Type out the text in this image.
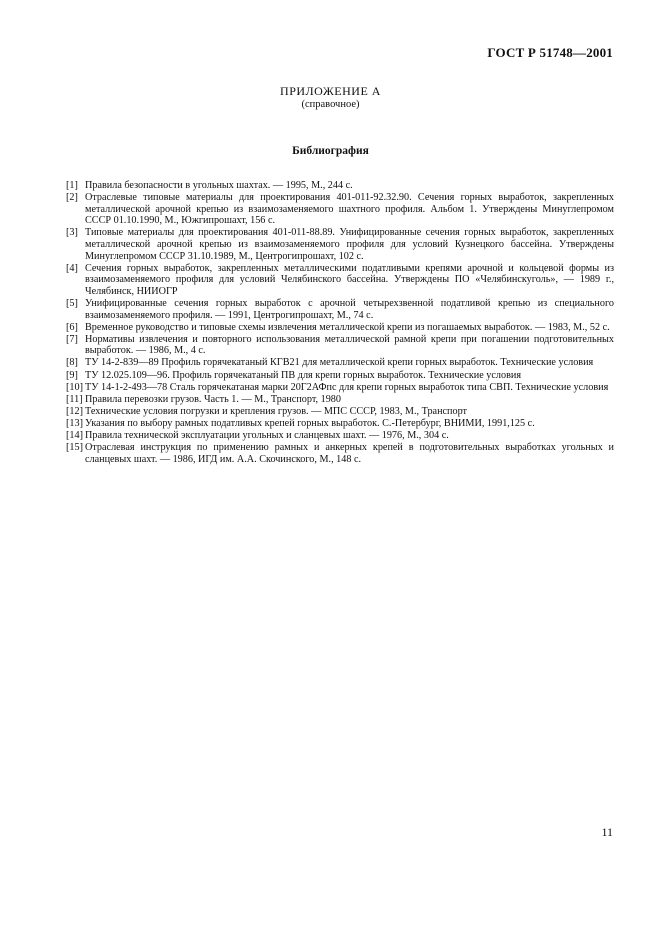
ГОСТ Р 51748—2001
ПРИЛОЖЕНИЕ А
(справочное)
Библиография
[1] Правила безопасности в угольных шахтах. — 1995, М., 244 с.
[2] Отраслевые типовые материалы для проектирования 401-011-92.32.90. Сечения горных выработок, закрепленных металлической арочной крепью из взаимозаменяемого шахтного профиля. Альбом 1. Утверждены Минуглепромом СССР 01.10.1990, М., Южгипрошахт, 156 с.
[3] Типовые материалы для проектирования 401-011-88.89. Унифицированные сечения горных выработок, закрепленных металлической арочной крепью из взаимозаменяемого профиля для условий Кузнецкого бассейна. Утверждены Минуглепромом СССР 31.10.1989, М., Центрогипрошахт, 102 с.
[4] Сечения горных выработок, закрепленных металлическими податливыми крепями арочной и кольцевой формы из взаимозаменяемого профиля для условий Челябинского бассейна. Утверждены ПО «Челябинскуголь», — 1989 г., Челябинск, НИИОГР
[5] Унифицированные сечения горных выработок с арочной четырехзвенной податливой крепью из специального взаимозаменяемого профиля. — 1991, Центрогипрошахт, М., 74 с.
[6] Временное руководство и типовые схемы извлечения металлической крепи из погашаемых выработок. — 1983, М., 52 с.
[7] Нормативы извлечения и повторного использования металлической рамной крепи при погашении подготовительных выработок. — 1986, М., 4 с.
[8] ТУ 14-2-839—89 Профиль горячекатаный КГВ21 для металлической крепи горных выработок. Технические условия
[9] ТУ 12.025.109—96. Профиль горячекатаный ПВ для крепи горных выработок. Технические условия
[10] ТУ 14-1-2-493—78 Сталь горячекатаная марки 20Г2АФпс для крепи горных выработок типа СВП. Технические условия
[11] Правила перевозки грузов. Часть 1. — М., Транспорт, 1980
[12] Технические условия погрузки и крепления грузов. — МПС СССР, 1983, М., Транспорт
[13] Указания по выбору рамных податливых крепей горных выработок. С.-Петербург, ВНИМИ, 1991,125 с.
[14] Правила технической эксплуатации угольных и сланцевых шахт. — 1976, М., 304 с.
[15] Отраслевая инструкция по применению рамных и анкерных крепей в подготовительных выработках угольных и сланцевых шахт. — 1986, ИГД им. А.А. Скочинского, М., 148 с.
11
